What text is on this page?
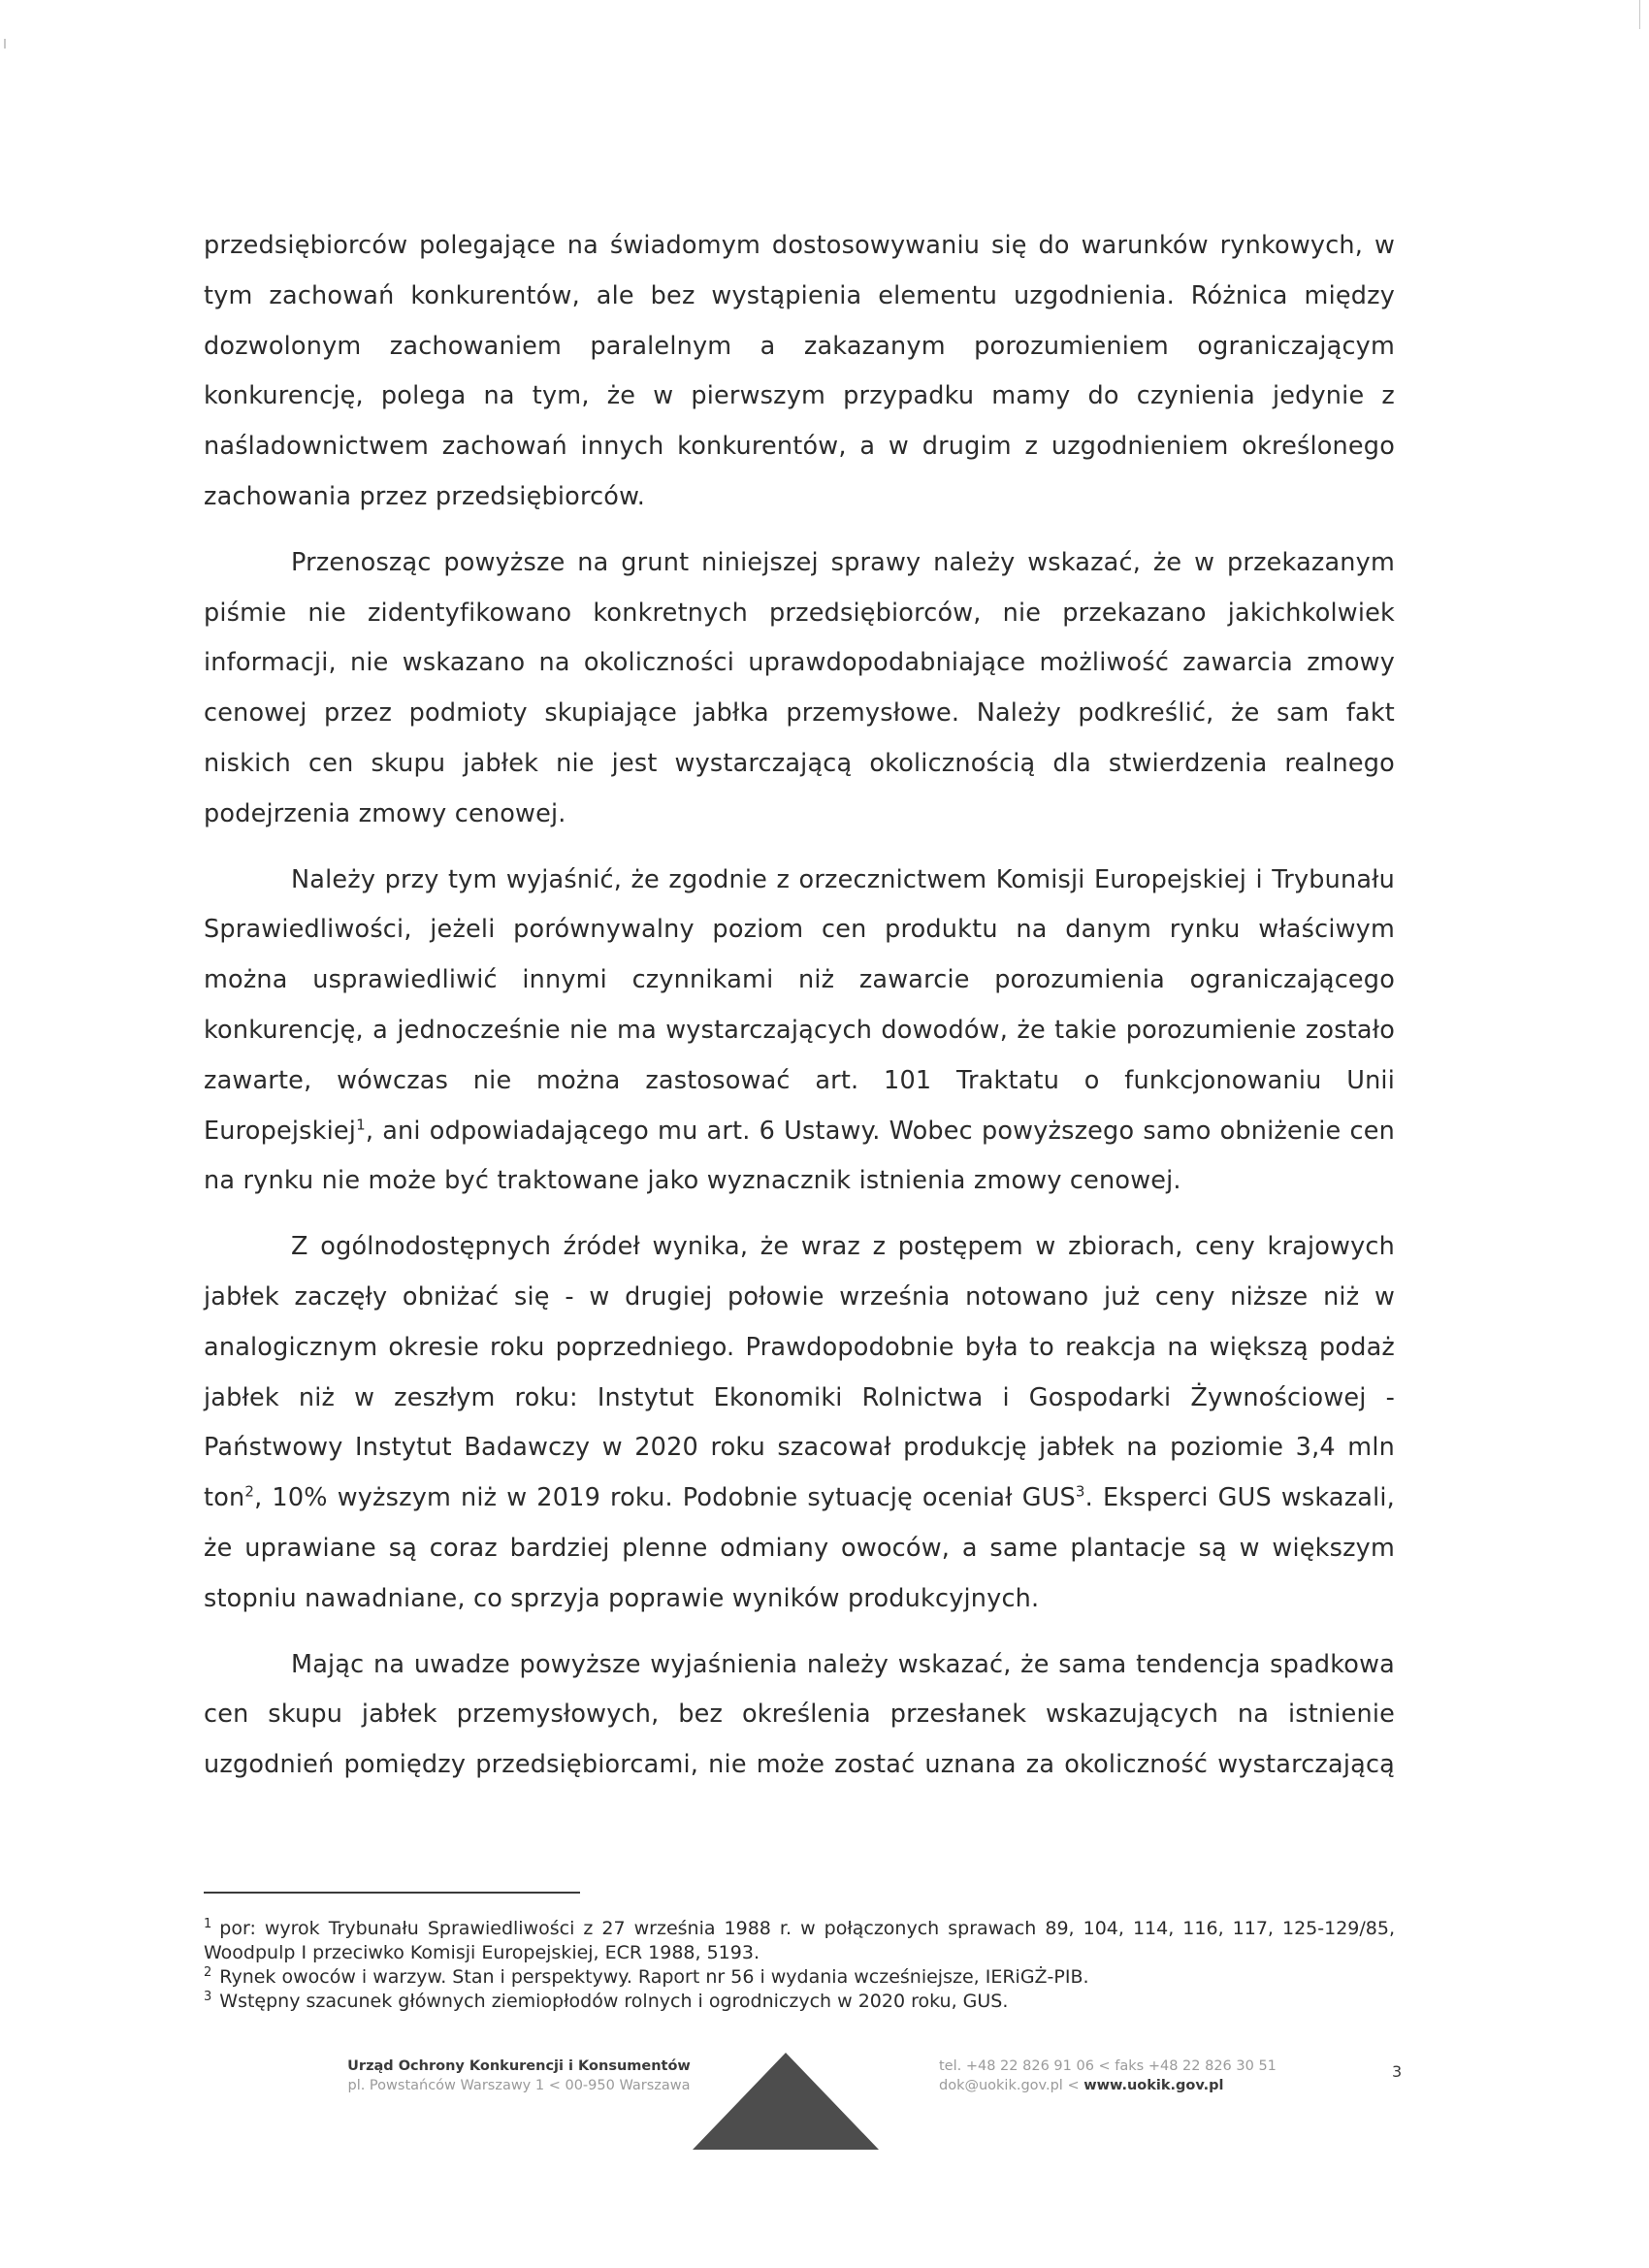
przedsiębiorców polegające na świadomym dostosowywaniu się do warunków rynkowych, w tym zachowań konkurentów, ale bez wystąpienia elementu uzgodnienia. Różnica między dozwolonym zachowaniem paralelnym a zakazanym porozumieniem ograniczającym konkurencję, polega na tym, że w pierwszym przypadku mamy do czynienia jedynie z naśladownictwem zachowań innych konkurentów, a w drugim z uzgodnieniem określonego zachowania przez przedsiębiorców.

Przenosząc powyższe na grunt niniejszej sprawy należy wskazać, że w przekazanym piśmie nie zidentyfikowano konkretnych przedsiębiorców, nie przekazano jakichkolwiek informacji, nie wskazano na okoliczności uprawdopodabniające możliwość zawarcia zmowy cenowej przez podmioty skupiające jabłka przemysłowe. Należy podkreślić, że sam fakt niskich cen skupu jabłek nie jest wystarczającą okolicznością dla stwierdzenia realnego podejrzenia zmowy cenowej.

Należy przy tym wyjaśnić, że zgodnie z orzecznictwem Komisji Europejskiej i Trybunału Sprawiedliwości, jeżeli porównywalny poziom cen produktu na danym rynku właściwym można usprawiedliwić innymi czynnikami niż zawarcie porozumienia ograniczającego konkurencję, a jednocześnie nie ma wystarczających dowodów, że takie porozumienie zostało zawarte, wówczas nie można zastosować art. 101 Traktatu o funkcjonowaniu Unii Europejskiej$^1$, ani odpowiadającego mu art. 6 Ustawy. Wobec powyższego samo obniżenie cen na rynku nie może być traktowane jako wyznacznik istnienia zmowy cenowej.

Z ogólnodostępnych źródeł wynika, że wraz z postępem w zbiorach, ceny krajowych jabłek zaczęły obniżać się - w drugiej połowie września notowano już ceny niższe niż w analogicznym okresie roku poprzedniego. Prawdopodobnie była to reakcja na większą podaż jabłek niż w zeszłym roku: Instytut Ekonomiki Rolnictwa i Gospodarki Żywnościowej - Państwowy Instytut Badawczy w 2020 roku szacował produkcję jabłek na poziomie 3,4 mln ton$^2$, 10% wyższym niż w 2019 roku. Podobnie sytuację oceniał GUS$^3$. Eksperci GUS wskazali, że uprawiane są coraz bardziej plenne odmiany owoców, a same plantacje są w większym stopniu nawadniane, co sprzyja poprawie wyników produkcyjnych.

Mając na uwadze powyższe wyjaśnienia należy wskazać, że sama tendencja spadkowa cen skupu jabłek przemysłowych, bez określenia przesłanek wskazujących na istnienie uzgodnień pomiędzy przedsiębiorcami, nie może zostać uznana za okoliczność wystarczającą

$^1$ por: wyrok Trybunału Sprawiedliwości z 27 września 1988 r. w połączonych sprawach 89, 104, 114, 116, 117, 125-129/85, Woodpulp I przeciwko Komisji Europejskiej, ECR 1988, 5193.

$^2$ Rynek owoców i warzyw. Stan i perspektywy. Raport nr 56 i wydania wcześniejsze, IERiGŻ-PIB.

$^3$ Wstępny szacunek głównych ziemiopłodów rolnych i ogrodniczych w 2020 roku, GUS.

Urząd Ochrony Konkurencji i Konsumentów
pl. Powstańców Warszawy 1 < 00-950 Warszawa
tel. +48 22 826 91 06 < faks +48 22 826 30 51
dok@uokik.gov.pl < www.uokik.gov.pl
3
